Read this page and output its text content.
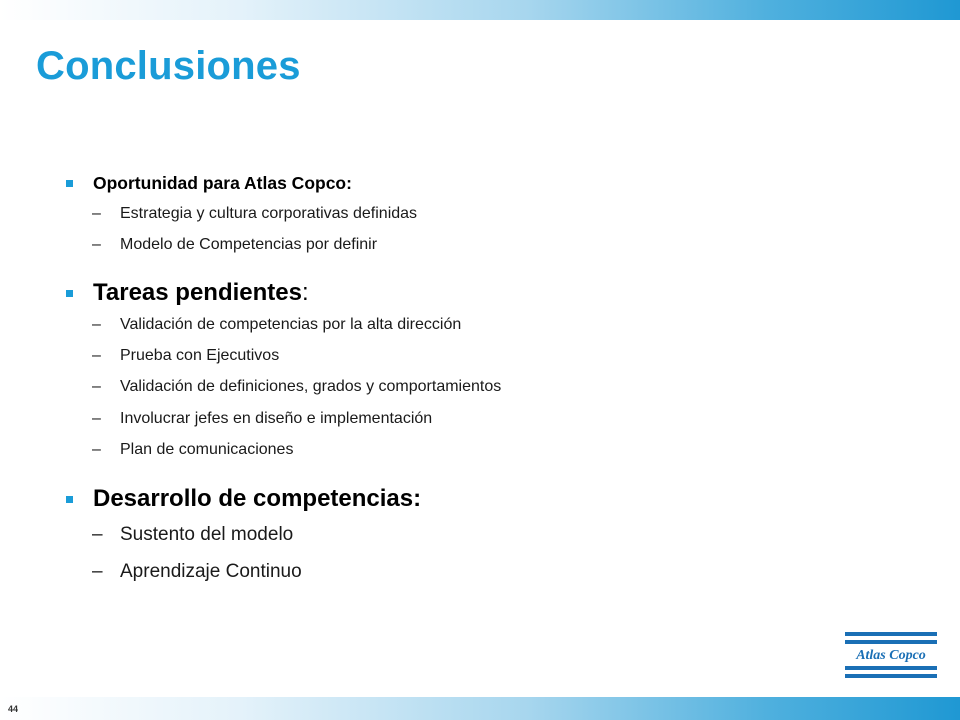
Conclusiones
Oportunidad para Atlas Copco:
–	Estrategia y cultura corporativas definidas
–	Modelo de Competencias por definir
Tareas pendientes :
–	Validación de competencias por la alta dirección
–	Prueba con Ejecutivos
–	Validación de definiciones, grados y comportamientos
–	Involucrar jefes en diseño e implementación
–	Plan de comunicaciones
Desarrollo de competencias:
– Sustento del modelo
– Aprendizaje Continuo
Atlas Copco
44
